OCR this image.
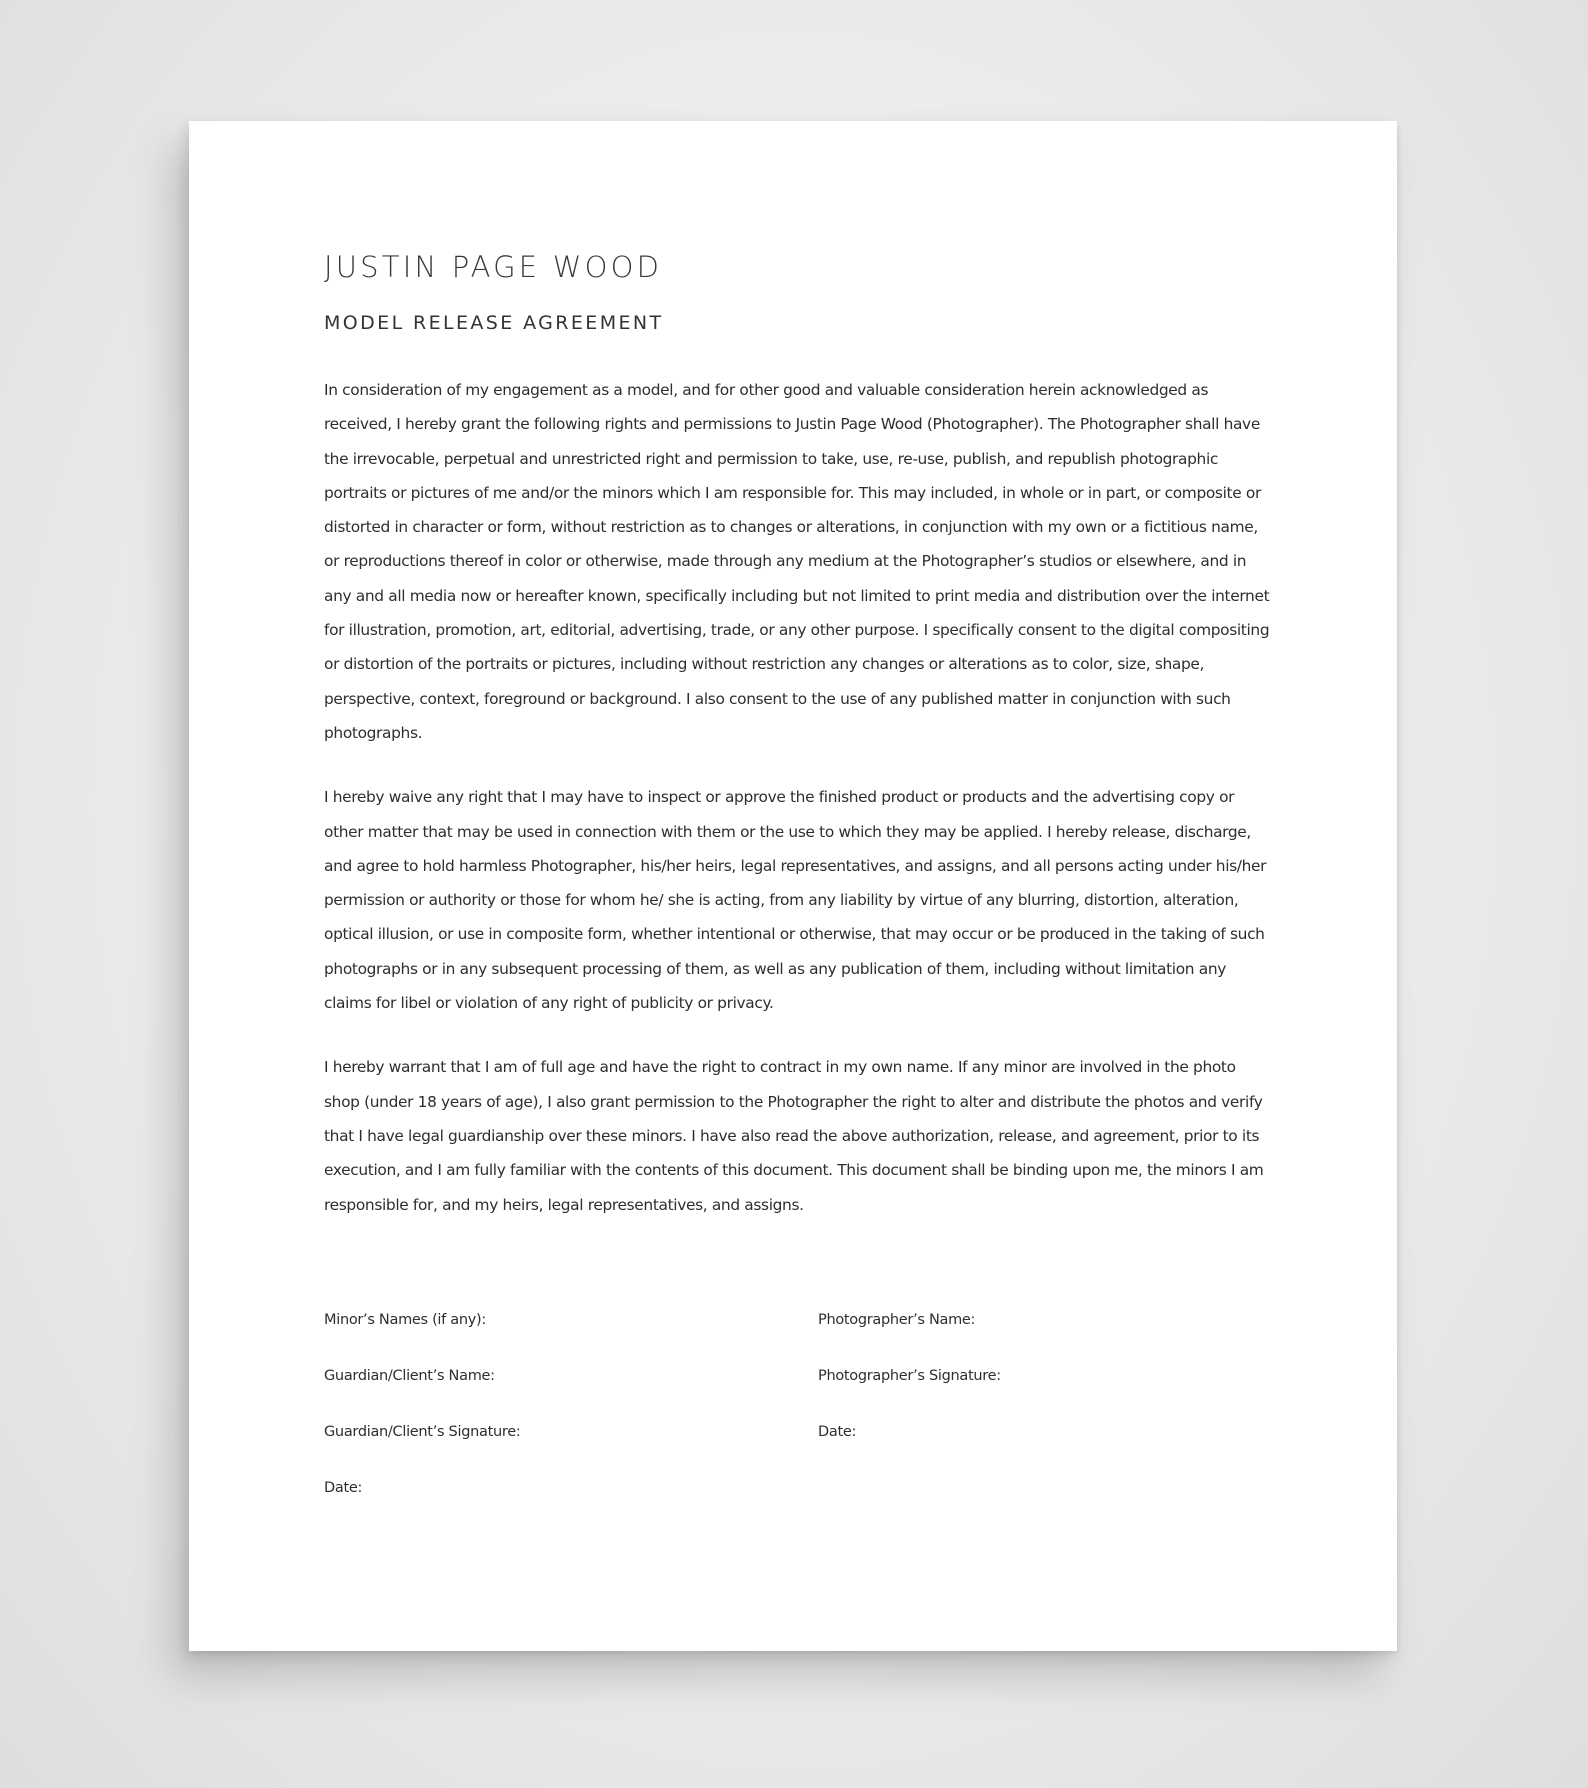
JUSTIN PAGE WOOD
MODEL RELEASE AGREEMENT

In consideration of my engagement as a model, and for other good and valuable consideration herein acknowledged as received, I hereby grant the following rights and permissions to Justin Page Wood (Photographer). The Photographer shall have the irrevocable, perpetual and unrestricted right and permission to take, use, re-use, publish, and republish photographic portraits or pictures of me and/or the minors which I am responsible for. This may included, in whole or in part, or composite or distorted in character or form, without restriction as to changes or alterations, in conjunction with my own or a fictitious name, or reproductions thereof in color or otherwise, made through any medium at the Photographer’s studios or elsewhere, and in any and all media now or hereafter known, specifically including but not limited to print media and distribution over the internet for illustration, promotion, art, editorial, advertising, trade, or any other purpose. I specifically consent to the digital compositing or distortion of the portraits or pictures, including without restriction any changes or alterations as to color, size, shape, perspective, context, foreground or background. I also consent to the use of any published matter in conjunction with such photographs.

I hereby waive any right that I may have to inspect or approve the finished product or products and the advertising copy or other matter that may be used in connection with them or the use to which they may be applied. I hereby release, discharge, and agree to hold harmless Photographer, his/her heirs, legal representatives, and assigns, and all persons acting under his/her permission or authority or those for whom he/ she is acting, from any liability by virtue of any blurring, distortion, alteration, optical illusion, or use in composite form, whether intentional or otherwise, that may occur or be produced in the taking of such photographs or in any subsequent processing of them, as well as any publication of them, including without limitation any claims for libel or violation of any right of publicity or privacy.

I hereby warrant that I am of full age and have the right to contract in my own name. If any minor are involved in the photo shop (under 18 years of age), I also grant permission to the Photographer the right to alter and distribute the photos and verify that I have legal guardianship over these minors. I have also read the above authorization, release, and agreement, prior to its execution, and I am fully familiar with the contents of this document. This document shall be binding upon me, the minors I am responsible for, and my heirs, legal representatives, and assigns.

Minor’s Names (if any):
Guardian/Client’s Name:
Guardian/Client’s Signature:
Date:
Photographer’s Name:
Photographer’s Signature:
Date:
